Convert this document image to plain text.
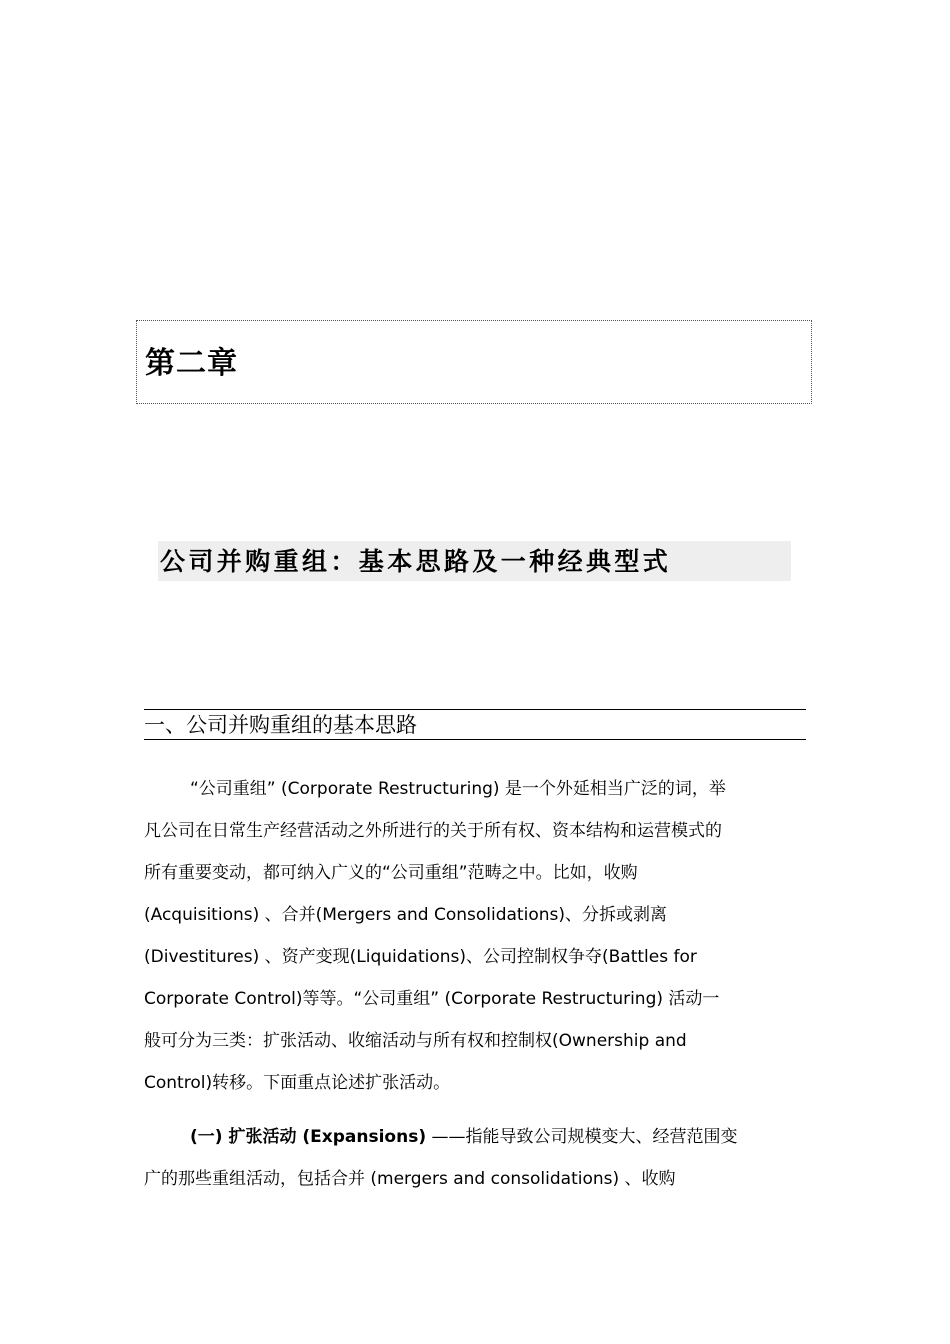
第二章
公司并购重组：基本思路及一种经典型式
一、公司并购重组的基本思路
“公司重组” (Corporate Restructuring) 是一个外延相当广泛的词，举
凡公司在日常生产经营活动之外所进行的关于所有权、资本结构和运营模式的
所有重要变动，都可纳入广义的“公司重组”范畴之中。比如，收购
(Acquisitions) 、合并(Mergers and Consolidations)、分拆或剥离
(Divestitures) 、资产变现(Liquidations)、公司控制权争夺(Battles for
Corporate Control)等等。“公司重组” (Corporate Restructuring) 活动一
般可分为三类：扩张活动、收缩活动与所有权和控制权(Ownership and
Control)转移。下面重点论述扩张活动。
(一) 扩张活动 (Expansions) ——指能导致公司规模变大、经营范围变
广的那些重组活动，包括合并 (mergers and consolidations) 、收购
